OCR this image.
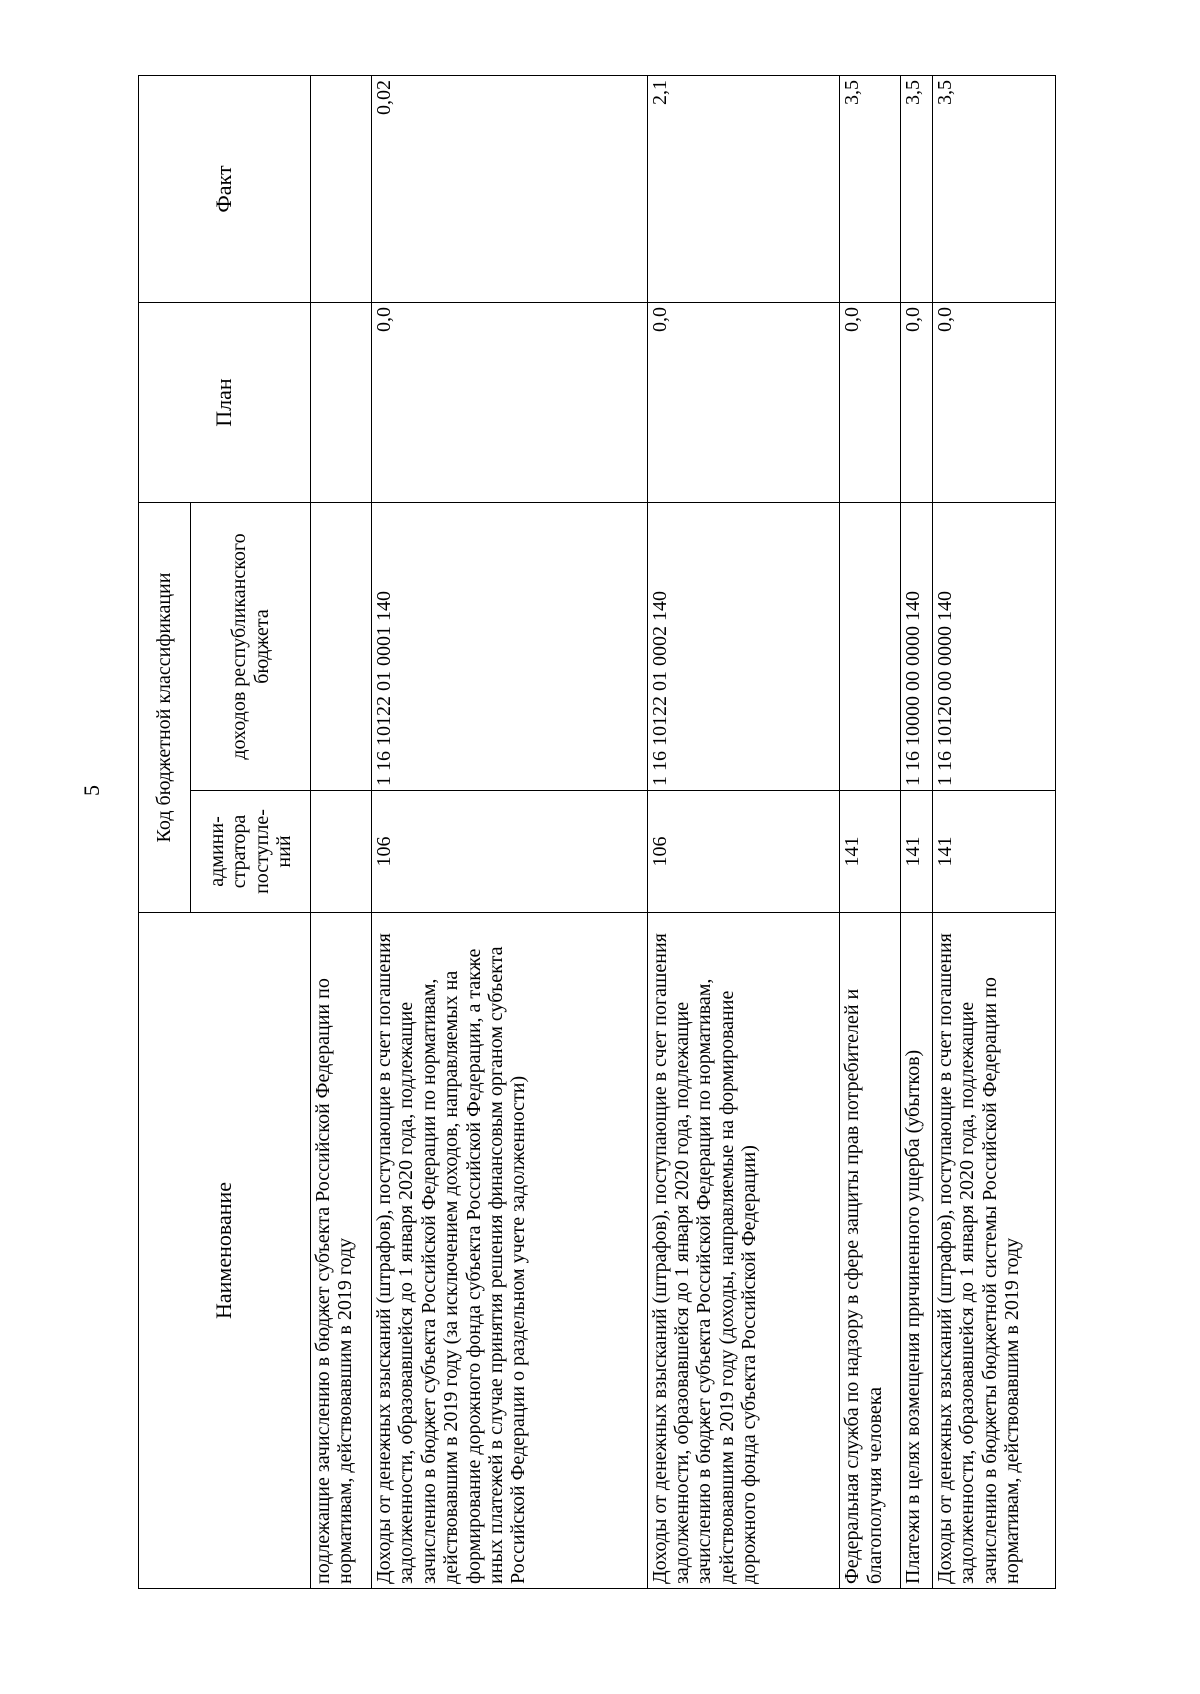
5
Наименование	Код бюджетной классификации		План	Факт
	админи-стратора поступле-ний	доходов республиканского бюджета		
подлежащие зачислению в бюджет субъекта Российской Федерации по нормативам, действовавшим в 2019 году				
Доходы от денежных взысканий (штрафов), поступающие в счет погашения задолженности, образовавшейся до 1 января 2020 года, подлежащие зачислению в бюджет субъекта Российской Федерации по нормативам, действовавшим в 2019 году (за исключением доходов, направляемых на формирование дорожного фонда субъекта Российской Федерации, а также иных платежей в случае принятия решения финансовым органом субъекта Российской Федерации о раздельном учете задолженности)	106	1 16 10122 01 0001 140	0,0	0,02
Доходы от денежных взысканий (штрафов), поступающие в счет погашения задолженности, образовавшейся до 1 января 2020 года, подлежащие зачислению в бюджет субъекта Российской Федерации по нормативам, действовавшим в 2019 году (доходы, направляемые на формирование дорожного фонда субъекта Российской Федерации)	106	1 16 10122 01 0002 140	0,0	2,1
Федеральная служба по надзору в сфере защиты прав потребителей и благополучия человека	141		0,0	3,5
Платежи в целях возмещения причиненного ущерба (убытков)	141	1 16 10000 00 0000 140	0,0	3,5
Доходы от денежных взысканий (штрафов), поступающие в счет погашения задолженности, образовавшейся до 1 января 2020 года, подлежащие зачислению в бюджеты бюджетной системы Российской Федерации по нормативам, действовавшим в 2019 году	141	1 16 10120 00 0000 140	0,0	3,5
